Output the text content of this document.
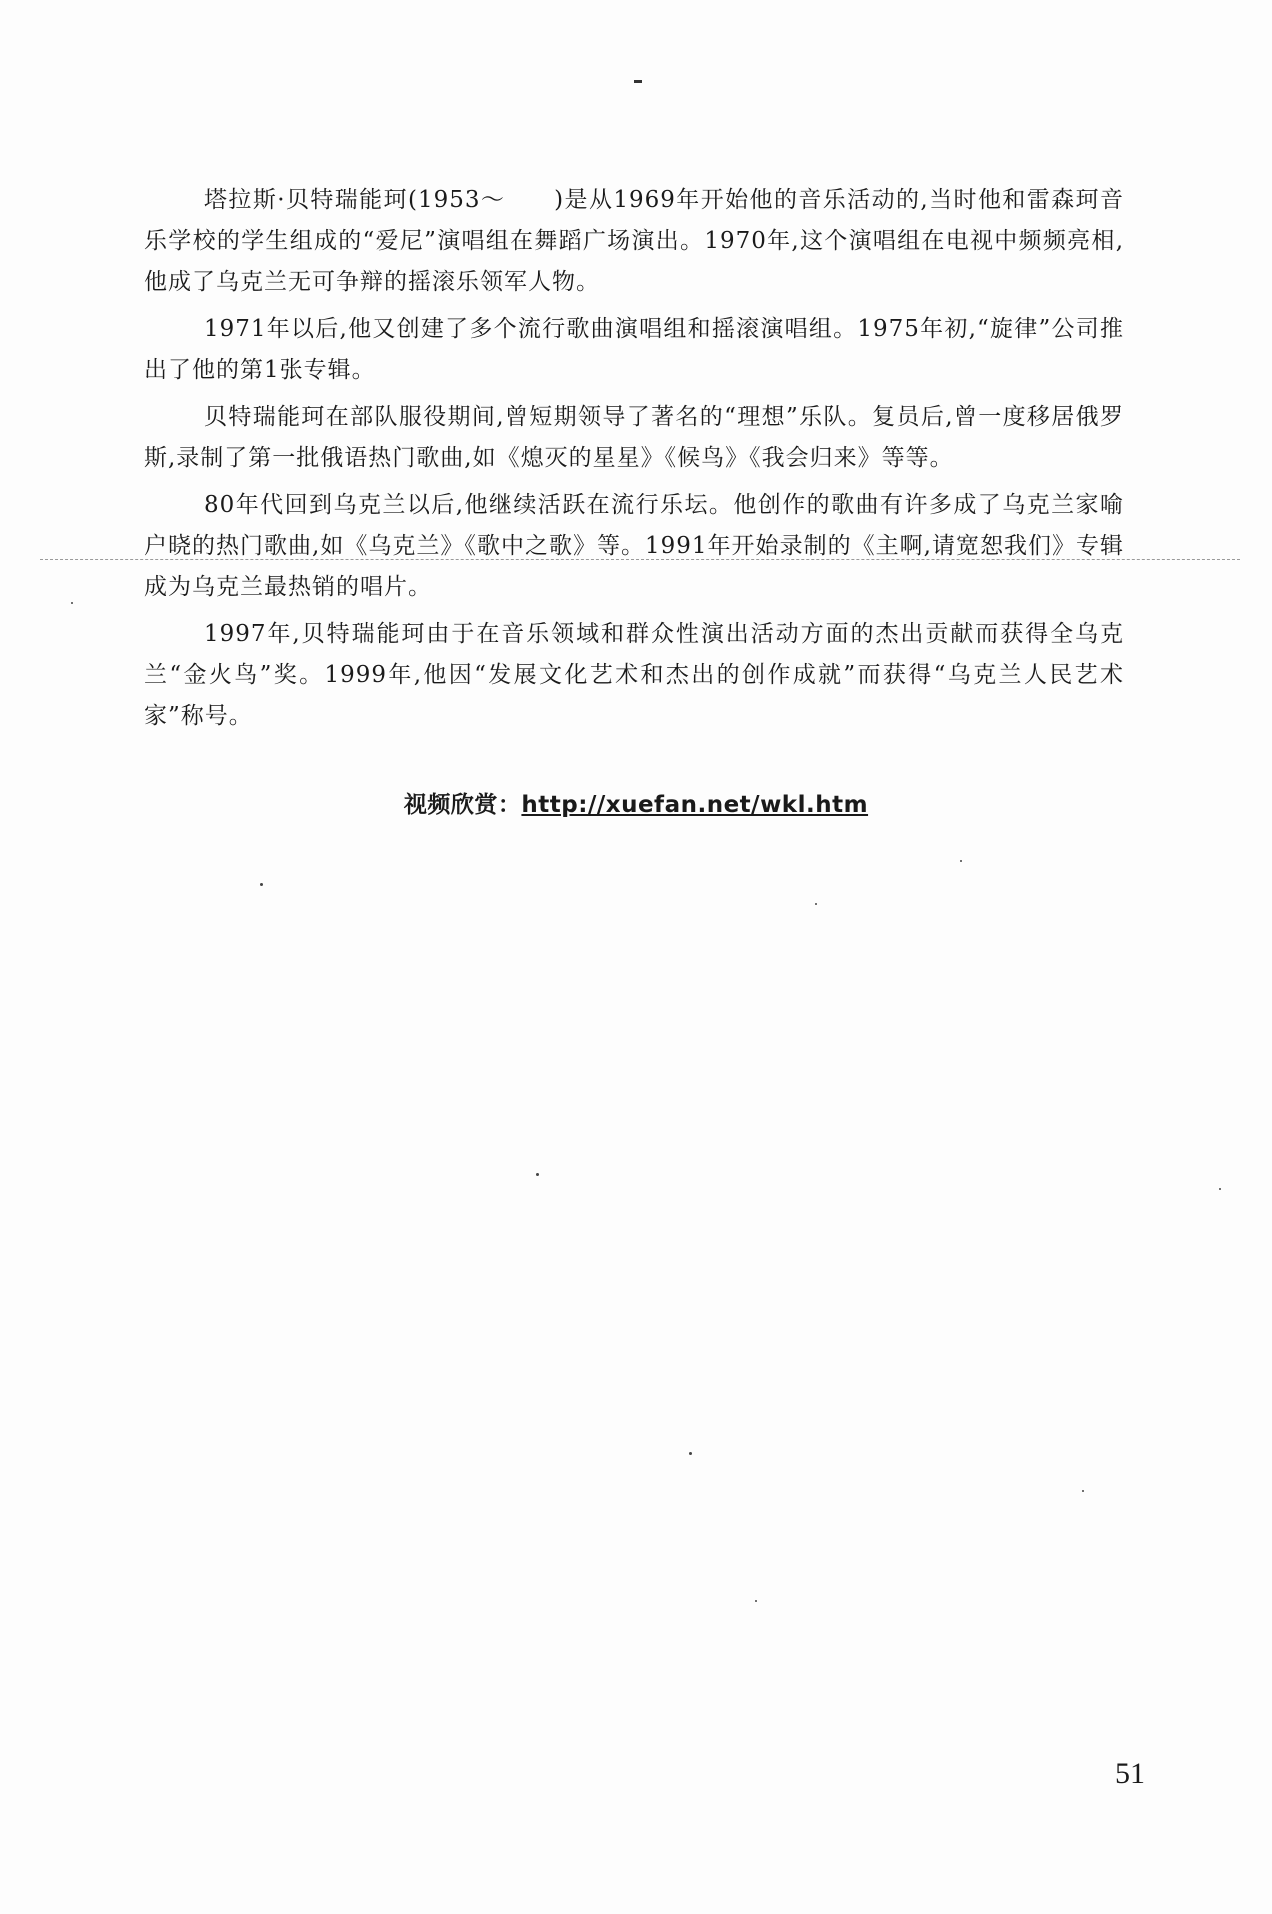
塔拉斯·贝特瑞能珂(1953～　　)是从1969年开始他的音乐活动的,当时他和雷森珂音乐学校的学生组成的“爱尼”演唱组在舞蹈广场演出。1970年,这个演唱组在电视中频频亮相,他成了乌克兰无可争辩的摇滚乐领军人物。

1971年以后,他又创建了多个流行歌曲演唱组和摇滚演唱组。1975年初,“旋律”公司推出了他的第1张专辑。

贝特瑞能珂在部队服役期间,曾短期领导了著名的“理想”乐队。复员后,曾一度移居俄罗斯,录制了第一批俄语热门歌曲,如《熄灭的星星》《候鸟》《我会归来》等等。

80年代回到乌克兰以后,他继续活跃在流行乐坛。他创作的歌曲有许多成了乌克兰家喻户晓的热门歌曲,如《乌克兰》《歌中之歌》等。1991年开始录制的《主啊,请宽恕我们》专辑成为乌克兰最热销的唱片。

1997年,贝特瑞能珂由于在音乐领域和群众性演出活动方面的杰出贡献而获得全乌克兰“金火鸟”奖。1999年,他因“发展文化艺术和杰出的创作成就”而获得“乌克兰人民艺术家”称号。

视频欣赏：http://xuefan.net/wkl.htm
51
